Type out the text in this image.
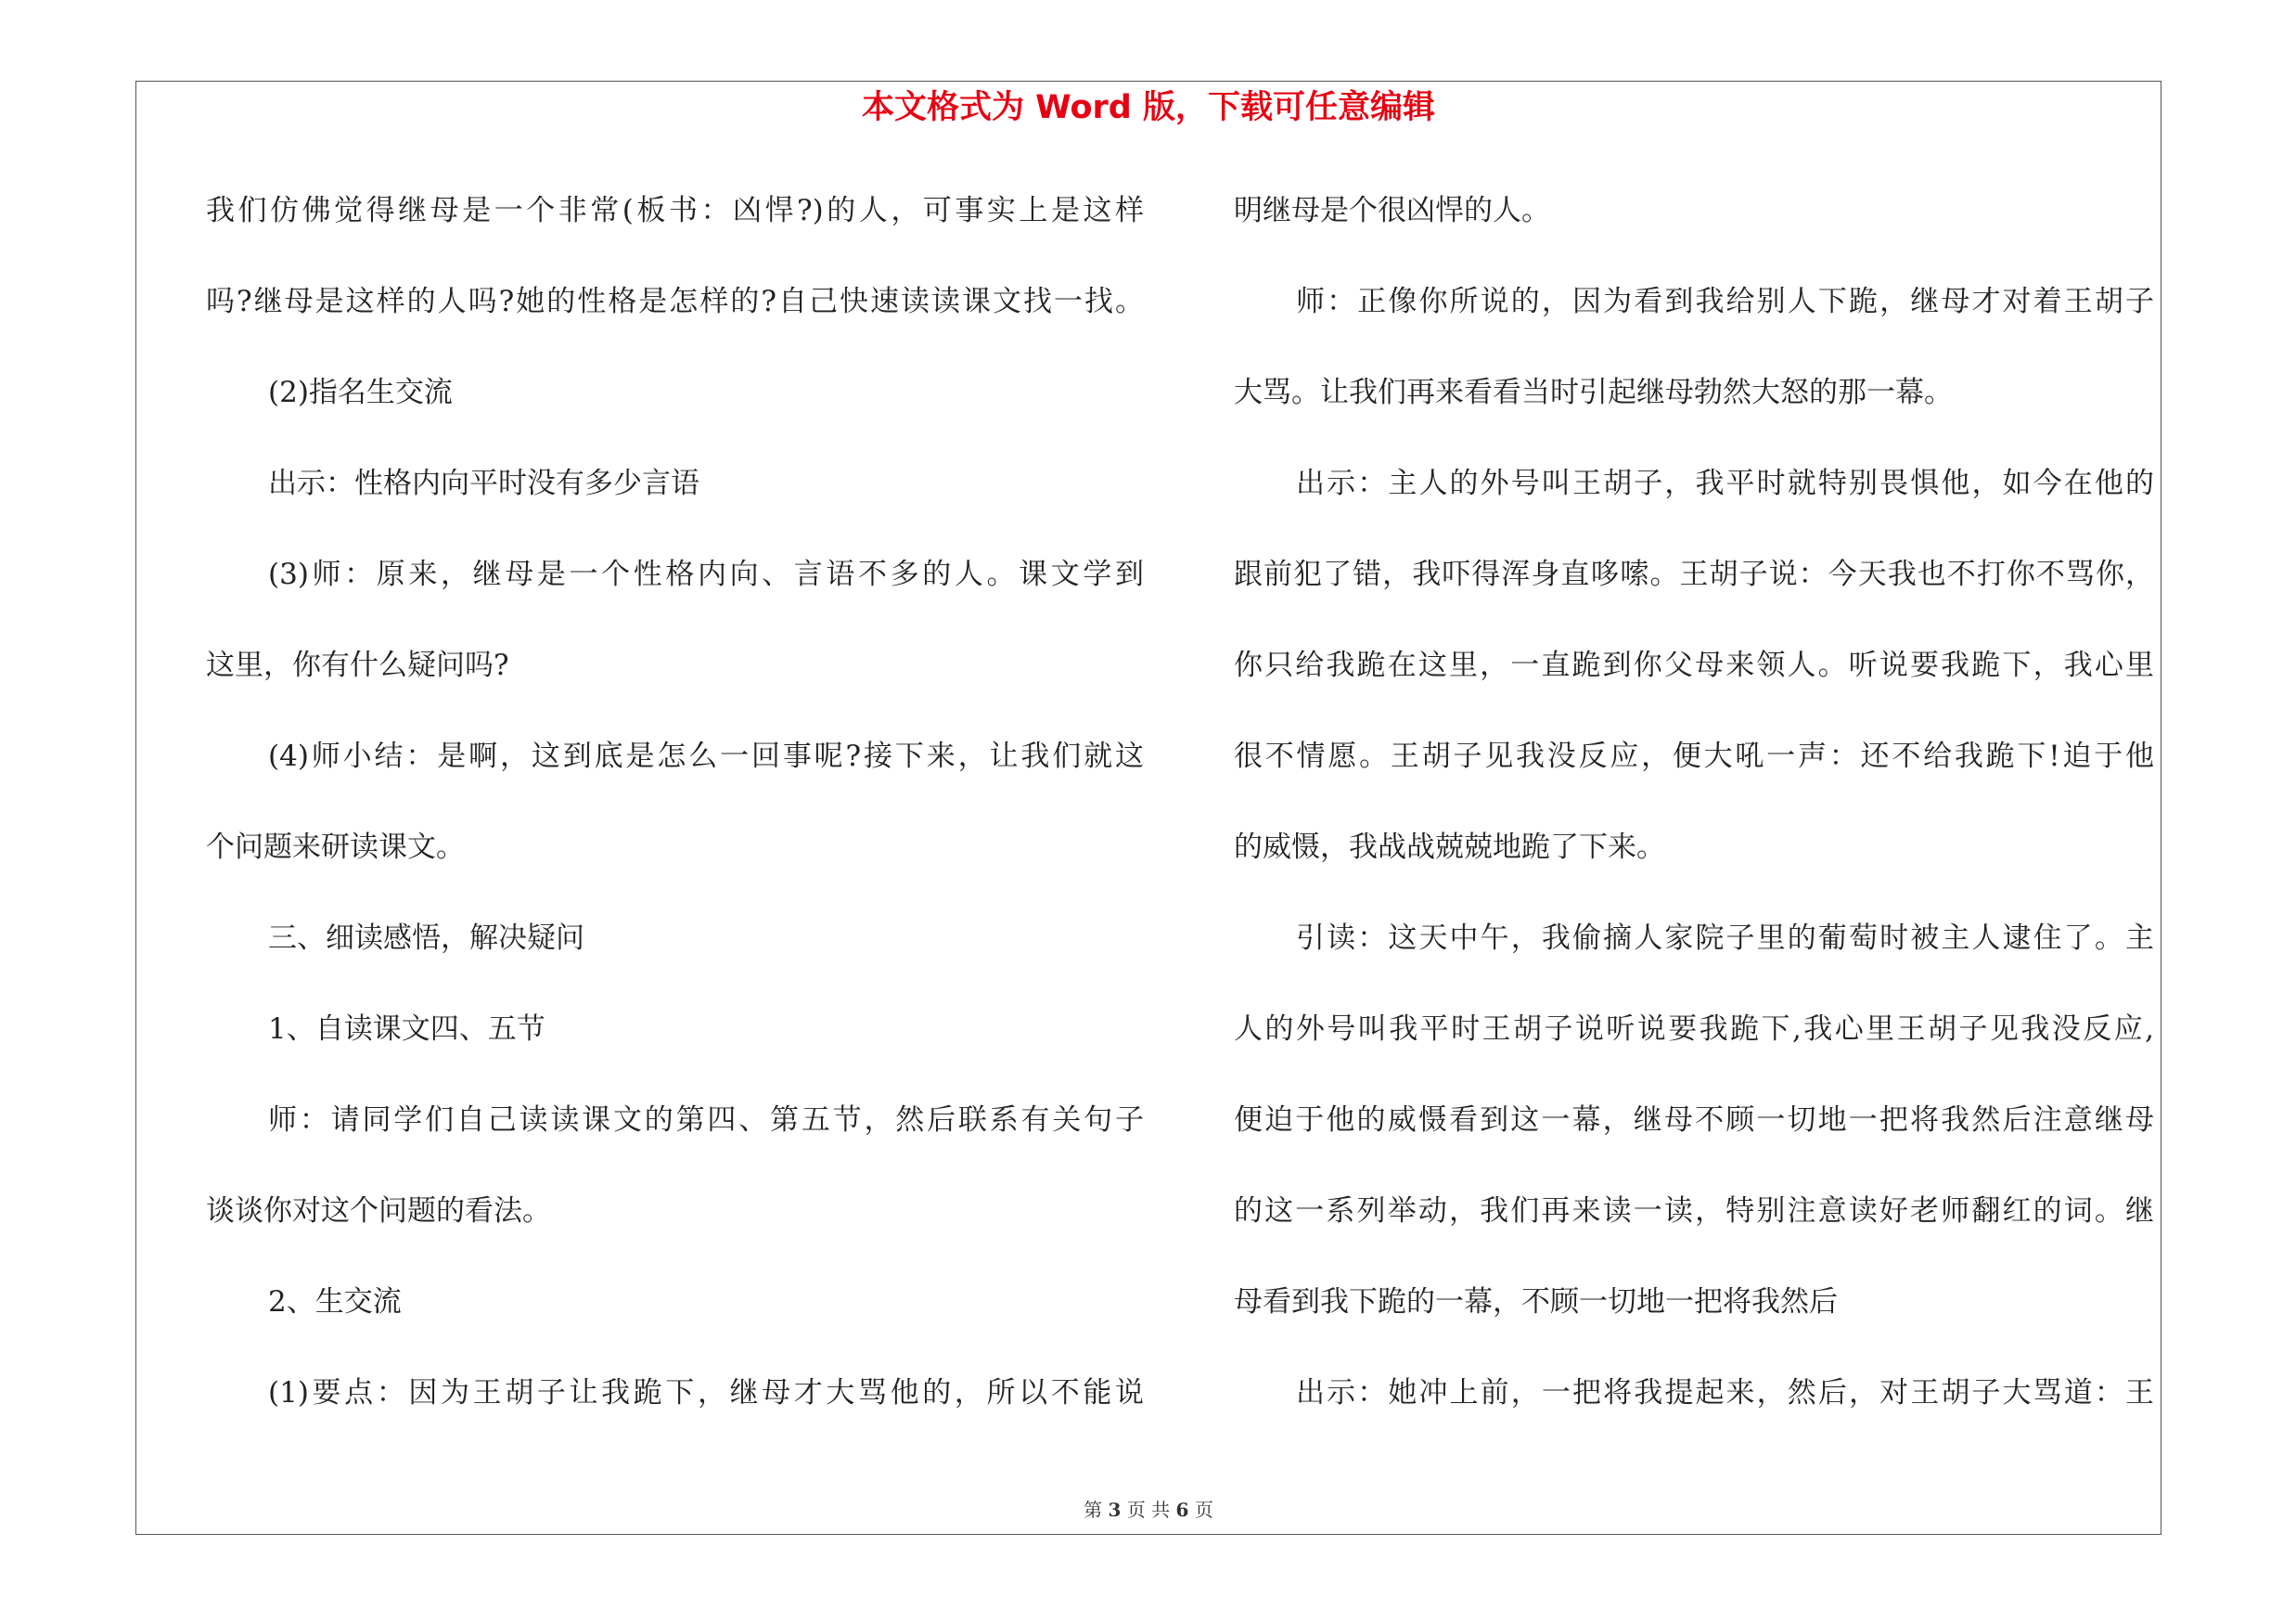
本文格式为 Word 版，下载可任意编辑
我们仿佛觉得继母是一个非常(板书：凶悍?)的人，可事实上是这样
吗?继母是这样的人吗?她的性格是怎样的?自己快速读读课文找一找。
(2)指名生交流
出示：性格内向平时没有多少言语
(3)师：原来，继母是一个性格内向、言语不多的人。课文学到
这里，你有什么疑问吗?
(4)师小结：是啊，这到底是怎么一回事呢?接下来，让我们就这
个问题来研读课文。
三、细读感悟，解决疑问
1、自读课文四、五节
师：请同学们自己读读课文的第四、第五节，然后联系有关句子
谈谈你对这个问题的看法。
2、生交流
(1)要点：因为王胡子让我跪下，继母才大骂他的，所以不能说
明继母是个很凶悍的人。
师：正像你所说的，因为看到我给别人下跪，继母才对着王胡子
大骂。让我们再来看看当时引起继母勃然大怒的那一幕。
出示：主人的外号叫王胡子，我平时就特别畏惧他，如今在他的
跟前犯了错，我吓得浑身直哆嗦。王胡子说：今天我也不打你不骂你，
你只给我跪在这里，一直跪到你父母来领人。听说要我跪下，我心里
很不情愿。王胡子见我没反应，便大吼一声：还不给我跪下!迫于他
的威慑，我战战兢兢地跪了下来。
引读：这天中午，我偷摘人家院子里的葡萄时被主人逮住了。主
人的外号叫我平时王胡子说听说要我跪下,我心里王胡子见我没反应,
便迫于他的威慑看到这一幕，继母不顾一切地一把将我然后注意继母
的这一系列举动，我们再来读一读，特别注意读好老师翻红的词。继
母看到我下跪的一幕，不顾一切地一把将我然后
出示：她冲上前，一把将我提起来，然后，对王胡子大骂道：王
第 3 页 共 6 页
